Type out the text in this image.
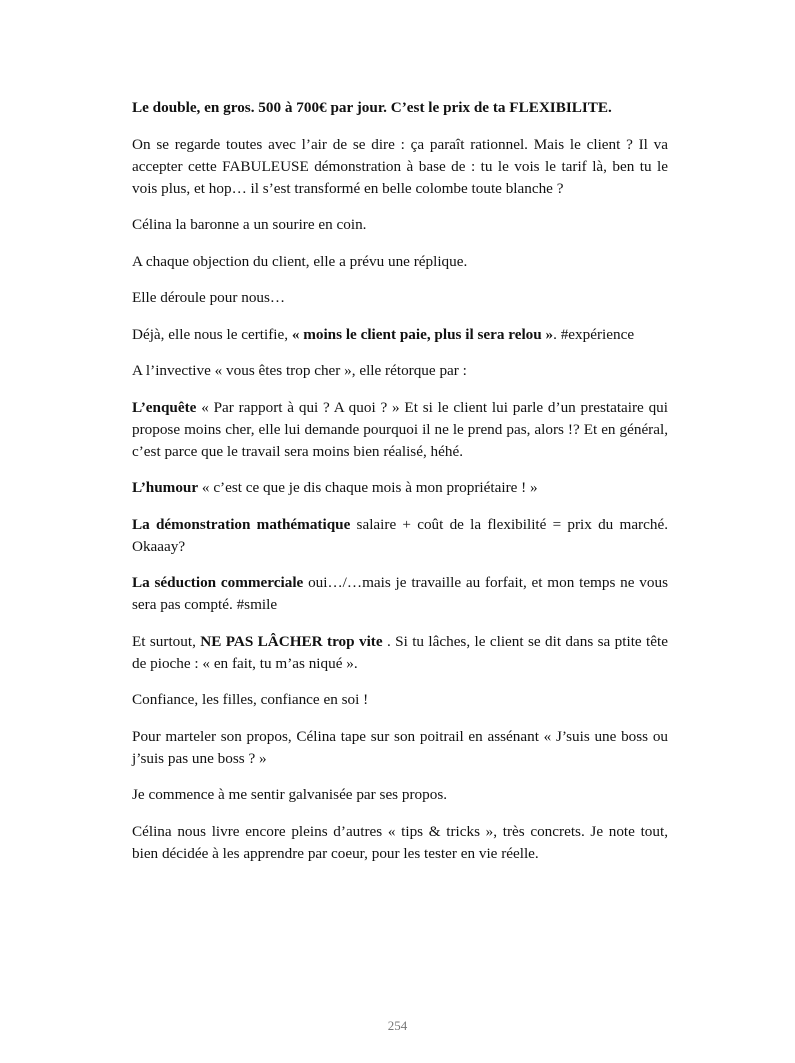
Le double, en gros. 500 à 700€ par jour. C’est le prix de ta FLEXIBILITE.

On se regarde toutes avec l’air de se dire : ça paraît rationnel. Mais le client ? Il va accepter cette FABULEUSE démonstration à base de : tu le vois le tarif là, ben tu le vois plus, et hop… il s’est transformé en belle colombe toute blanche ?

Célina la baronne a un sourire en coin.

A chaque objection du client, elle a prévu une réplique.

Elle déroule pour nous…

Déjà, elle nous le certifie, « moins le client paie, plus il sera relou ». #expérience

A l’invective « vous êtes trop cher », elle rétorque par :

L’enquête « Par rapport à qui ? A quoi ? » Et si le client lui parle d’un prestataire qui propose moins cher, elle lui demande pourquoi il ne le prend pas, alors !? Et en général, c’est parce que le travail sera moins bien réalisé, héhé.

L’humour « c’est ce que je dis chaque mois à mon propriétaire ! »

La démonstration mathématique salaire + coût de la flexibilité = prix du marché. Okaaay?

La séduction commerciale oui…/…mais je travaille au forfait, et mon temps ne vous sera pas compté. #smile

Et surtout, NE PAS LÂCHER trop vite . Si tu lâches, le client se dit dans sa ptite tête de pioche : « en fait, tu m’as niqué ».

Confiance, les filles, confiance en soi !

Pour marteler son propos, Célina tape sur son poitrail en assénant « J’suis une boss ou j’suis pas une boss ? »

Je commence à me sentir galvanisée par ses propos.

Célina nous livre encore pleins d’autres « tips & tricks », très concrets. Je note tout, bien décidée à les apprendre par coeur, pour les tester en vie réelle.

254
